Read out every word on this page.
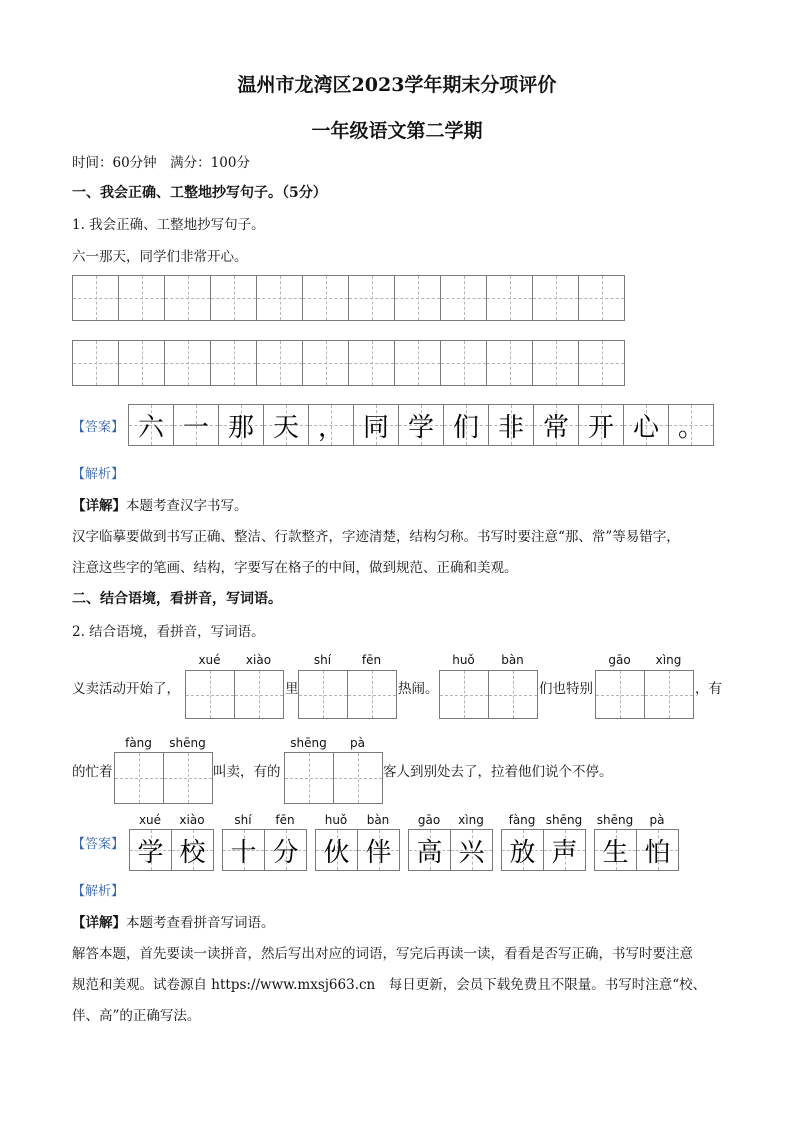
温州市龙湾区2023学年期末分项评价
一年级语文第二学期
时间：60分钟　满分：100分
一、我会正确、工整地抄写句子。（5分）
1. 我会正确、工整地抄写句子。
六一那天，同学们非常开心。
【答案】 六 一 那 天 ， 同 学 们 非 常 开 心 。
【解析】
【详解】本题考查汉字书写。
汉字临摹要做到书写正确、整洁、行款整齐，字迹清楚，结构匀称。书写时要注意“那、常”等易错字，
注意这些字的笔画、结构，字要写在格子的中间，做到规范、正确和美观。
二、结合语境，看拼音，写词语。
2. 结合语境，看拼音，写词语。
xué	xiào	shí	fēn	huǒ	bàn	gāo	xìng
义卖活动开始了，	里	热闹。	们也特别	，有
fàng	shēng	shēng	pà
的忙着	叫卖，有的	客人到别处去了，拉着他们说个不停。
【答案】
xué	xiào	shí	fēn	huǒ	bàn	gāo	xìng	fàng shēng shēng	pà
学 校 十 分 伙 伴 高 兴 放 声 生 怕
【解析】
【详解】本题考查看拼音写词语。
解答本题，首先要读一读拼音，然后写出对应的词语，写完后再读一读，看看是否写正确，书写时要注意
规范和美观。试卷源自 https://www.mxsj663.cn　每日更新，会员下载免费且不限量。书写时注意“校、
伴、高”的正确写法。
